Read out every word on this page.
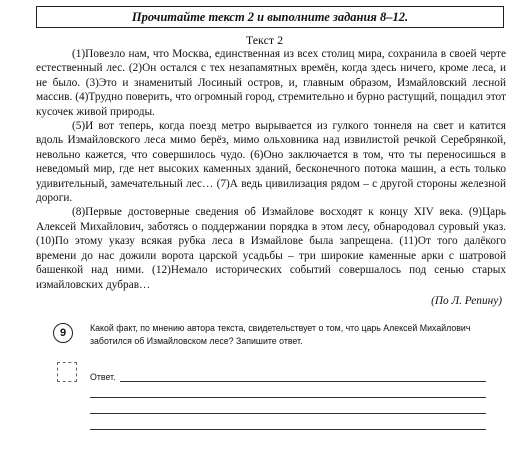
Прочитайте текст 2 и выполните задания 8–12.
Текст 2

(1)Повезло нам, что Москва, единственная из всех столиц мира, сохранила в своей черте естественный лес. (2)Он остался с тех незапамятных времён, когда здесь ничего, кроме леса, и не было. (3)Это и знаменитый Лосиный остров, и, главным образом, Измайловский лесной массив. (4)Трудно поверить, что огромный город, стремительно и бурно растущий, пощадил этот кусочек живой природы.

(5)И вот теперь, когда поезд метро вырывается из гулкого тоннеля на свет и катится вдоль Измайловского леса мимо берёз, мимо ольховника над извилистой речкой Серебрянкой, невольно кажется, что совершилось чудо. (6)Оно заключается в том, что ты переносишься в неведомый мир, где нет высоких каменных зданий, бесконечного потока машин, а есть только удивительный, замечательный лес… (7)А ведь цивилизация рядом – с другой стороны железной дороги.

(8)Первые достоверные сведения об Измайлове восходят к концу XIV века. (9)Царь Алексей Михайлович, заботясь о поддержании порядка в этом лесу, обнародовал суровый указ. (10)По этому указу всякая рубка леса в Измайлове была запрещена. (11)От того далёкого времени до нас дожили ворота царской усадьбы – три широкие каменные арки с шатровой башенкой над ними. (12)Немало исторических событий совершалось под сенью старых измайловских дубрав…

(По Л. Репину)

9	Какой факт, по мнению автора текста, свидетельствует о том, что царь Алексей Михайлович заботился об Измайловском лесе? Запишите ответ.
Ответ.
